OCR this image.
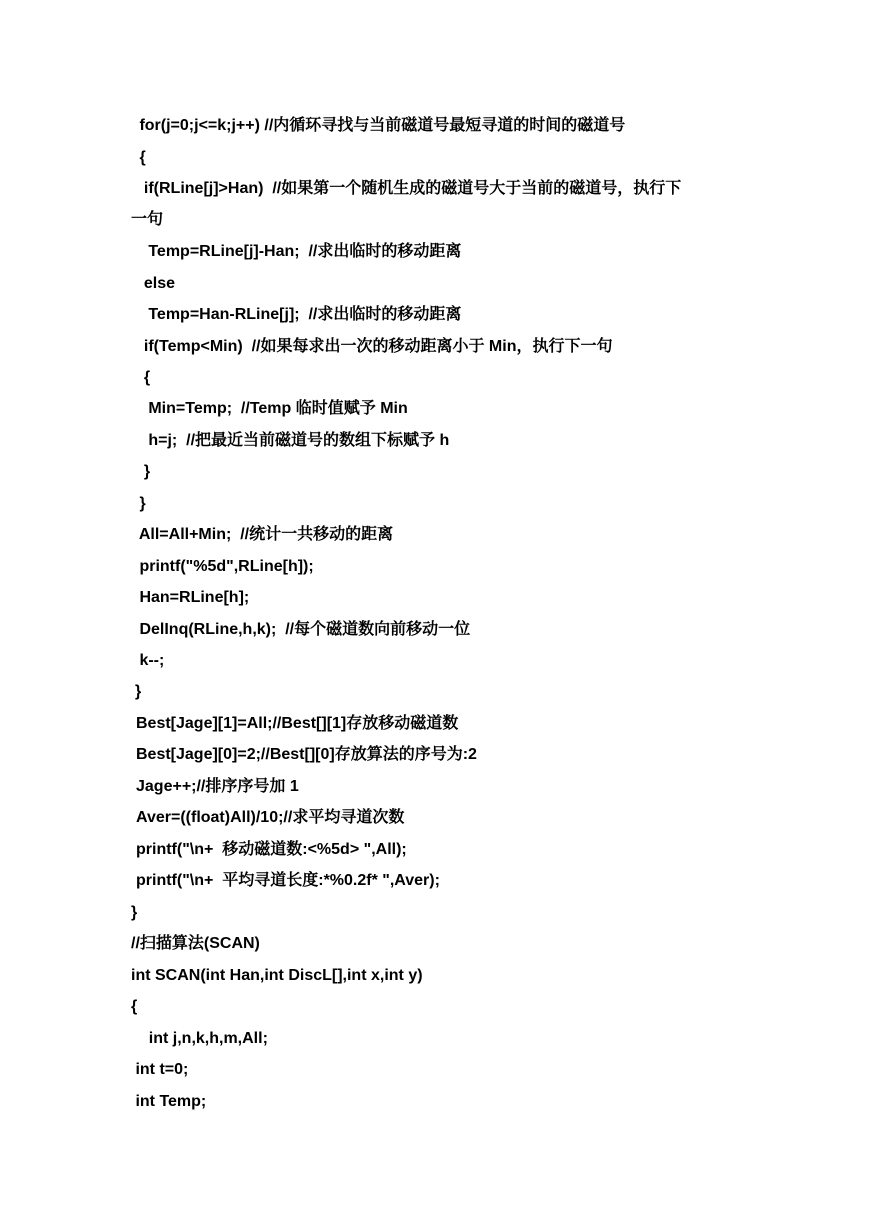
for(j=0;j<=k;j++) //内循环寻找与当前磁道号最短寻道的时间的磁道号
{
if(RLine[j]>Han)  //如果第一个随机生成的磁道号大于当前的磁道号，执行下
一句
Temp=RLine[j]-Han;  //求出临时的移动距离
else
Temp=Han-RLine[j];  //求出临时的移动距离
if(Temp<Min)  //如果每求出一次的移动距离小于 Min，执行下一句
{
Min=Temp;  //Temp 临时值赋予 Min
h=j;  //把最近当前磁道号的数组下标赋予 h
}
}
All=All+Min;  //统计一共移动的距离
printf("%5d",RLine[h]);
Han=RLine[h];
DelInq(RLine,h,k);  //每个磁道数向前移动一位
k--;
}
Best[Jage][1]=All;//Best[][1]存放移动磁道数
Best[Jage][0]=2;//Best[][0]存放算法的序号为:2
Jage++;//排序序号加 1
Aver=((float)All)/10;//求平均寻道次数
printf("\n+  移动磁道数:<%5d> ",All);
printf("\n+  平均寻道长度:*%0.2f* ",Aver);
}
//扫描算法(SCAN)
int SCAN(int Han,int DiscL[],int x,int y)
{
int j,n,k,h,m,All;
int t=0;
int Temp;
